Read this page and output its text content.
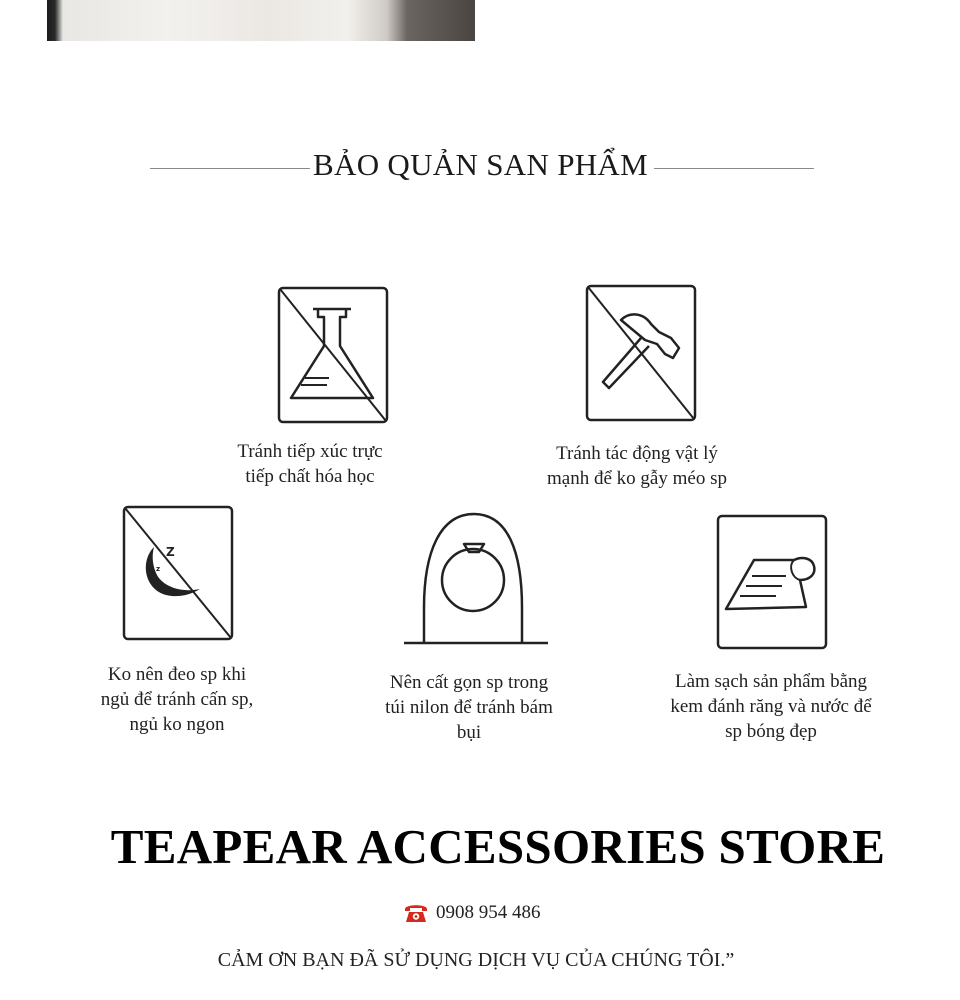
BẢO QUẢN SAN PHẨM
Tránh tiếp xúc trực
tiếp chất hóa học
Tránh tác động vật lý
mạnh để ko gẫy méo sp
Z
z
Ko nên đeo sp khi
ngủ để tránh cấn sp,
ngủ ko ngon
Nên cất gọn sp trong
túi nilon để tránh bám
bụi
Làm sạch sản phẩm bằng
kem đánh răng và nước để
sp bóng đẹp
TEAPEAR ACCESSORIES STORE
0908 954 486
CẢM ƠN BẠN ĐÃ SỬ DỤNG DỊCH VỤ CỦA CHÚNG TÔI.”
